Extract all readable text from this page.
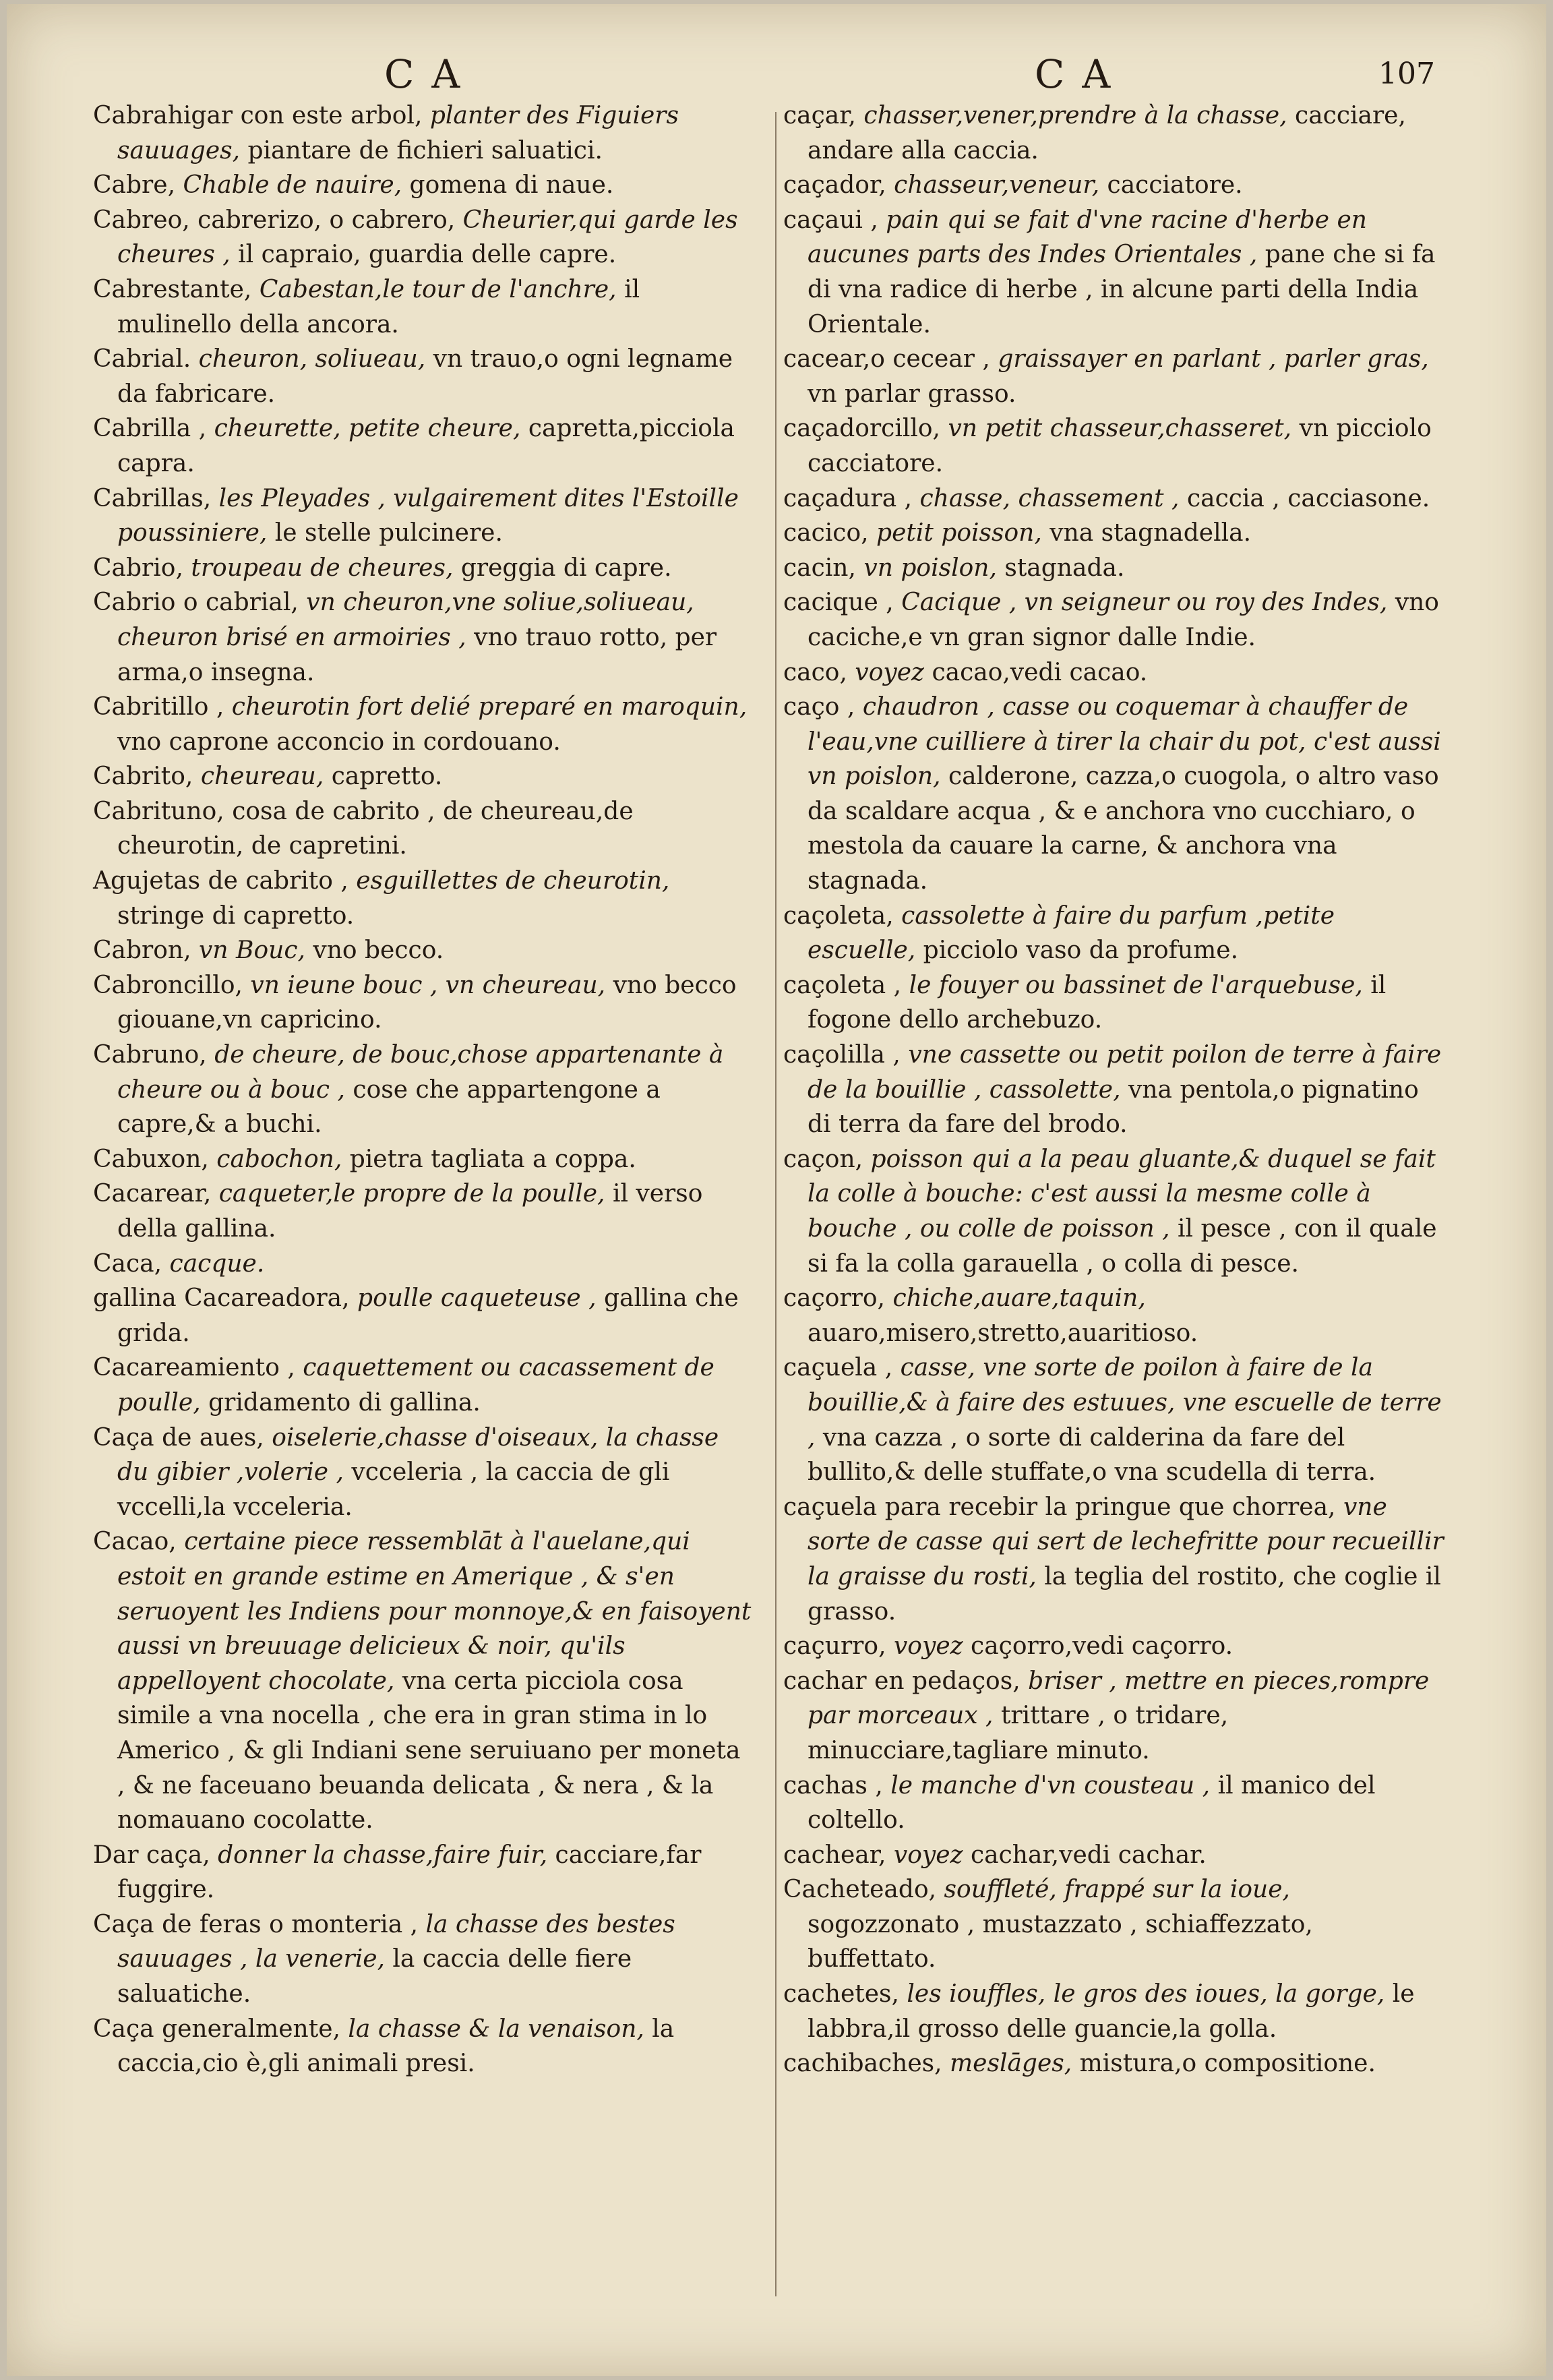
CA	CA	107

Cabrahigar con este arbol, planter des Figuiers sauuages, piantare de fichieri saluatici.

Cabre, Chable de nauire, gomena di naue.

Cabreo, cabrerizo, o cabrero, Cheurier,qui garde les cheures , il capraio, guardia delle capre.

Cabrestante, Cabestan,le tour de l'anchre, il mulinello della ancora.

Cabrial. cheuron, soliueau, vn trauo,o ogni legname da fabricare.

Cabrilla , cheurette, petite cheure, capretta,picciola capra.

Cabrillas, les Pleyades , vulgairement dites l'Estoille poussiniere, le stelle pulcinere.

Cabrio, troupeau de cheures, greggia di capre.

Cabrio o cabrial, vn cheuron,vne soliue,soliueau, cheuron brisé en armoiries , vno trauo rotto, per arma,o insegna.

Cabritillo , cheurotin fort delié preparé en maroquin, vno caprone acconcio in cordouano.

Cabrito, cheureau, capretto.

Cabrituno, cosa de cabrito , de cheureau,de cheurotin, de capretini.

Agujetas de cabrito , esguillettes de cheurotin, stringe di capretto.

Cabron, vn Bouc, vno becco.

Cabroncillo, vn ieune bouc , vn cheureau, vno becco giouane,vn capricino.

Cabruno, de cheure, de bouc,chose appartenante à cheure ou à bouc , cose che appartengone a capre,& a buchi.

Cabuxon, cabochon, pietra tagliata a coppa.

Cacarear, caqueter,le propre de la poulle, il verso della gallina.

Caca, cacque.

gallina Cacareadora, poulle caqueteuse , gallina che grida.

Cacareamiento , caquettement ou cacassement de poulle, gridamento di gallina.

Caça de aues, oiselerie,chasse d'oiseaux, la chasse du gibier ,volerie , vcceleria , la caccia de gli vccelli,la vcceleria.

Cacao, certaine piece ressemblāt à l'auelane,qui estoit en grande estime en Amerique , & s'en seruoyent les Indiens pour monnoye,& en faisoyent aussi vn breuuage delicieux & noir, qu'ils appelloyent chocolate, vna certa picciola cosa simile a vna nocella , che era in gran stima in lo Americo , & gli Indiani sene seruiuano per moneta , & ne faceuano beuanda delicata , & nera , & la nomauano cocolatte.

Dar caça, donner la chasse,faire fuir, cacciare,far fuggire.

Caça de feras o monteria , la chasse des bestes sauuages , la venerie, la caccia delle fiere saluatiche.

Caça generalmente, la chasse & la venaison, la caccia,cio è,gli animali presi.

caçar, chasser,vener,prendre à la chasse, cacciare, andare alla caccia.

caçador, chasseur,veneur, cacciatore.

caçaui , pain qui se fait d'vne racine d'herbe en aucunes parts des Indes Orientales , pane che si fa di vna radice di herbe , in alcune parti della India Orientale.

cacear,o cecear , graissayer en parlant , parler gras, vn parlar grasso.

caçadorcillo, vn petit chasseur,chasseret, vn picciolo cacciatore.

caçadura , chasse, chassement , caccia , cacciasone.

cacico, petit poisson, vna stagnadella.

cacin, vn poislon, stagnada.

cacique , Cacique , vn seigneur ou roy des Indes, vno caciche,e vn gran signor dalle Indie.

caco, voyez cacao,vedi cacao.

caço , chaudron , casse ou coquemar à chauffer de l'eau,vne cuilliere à tirer la chair du pot, c'est aussi vn poislon, calderone, cazza,o cuogola, o altro vaso da scaldare acqua , & e anchora vno cucchiaro, o mestola da cauare la carne, & anchora vna stagnada.

caçoleta, cassolette à faire du parfum ,petite escuelle, picciolo vaso da profume.

caçoleta , le fouyer ou bassinet de l'arquebuse, il fogone dello archebuzo.

caçolilla , vne cassette ou petit poilon de terre à faire de la bouillie , cassolette, vna pentola,o pignatino di terra da fare del brodo.

caçon, poisson qui a la peau gluante,& duquel se fait la colle à bouche: c'est aussi la mesme colle à bouche , ou colle de poisson , il pesce , con il quale si fa la colla garauella , o colla di pesce.

caçorro, chiche,auare,taquin, auaro,misero,stretto,auaritioso.

caçuela , casse, vne sorte de poilon à faire de la bouillie,& à faire des estuues, vne escuelle de terre , vna cazza , o sorte di calderina da fare del bullito,& delle stuffate,o vna scudella di terra.

caçuela para recebir la pringue que chorrea, vne sorte de casse qui sert de lechefritte pour recueillir la graisse du rosti, la teglia del rostito, che coglie il grasso.

caçurro, voyez caçorro,vedi caçorro.

cachar en pedaços, briser , mettre en pieces,rompre par morceaux , trittare , o tridare, minucciare,tagliare minuto.

cachas , le manche d'vn cousteau , il manico del coltello.

cachear, voyez cachar,vedi cachar.

Cacheteado, souffleté, frappé sur la ioue, sogozzonato , mustazzato , schiaffezzato, buffettato.

cachetes, les iouffles, le gros des ioues, la gorge, le labbra,il grosso delle guancie,la golla.

cachibaches, meslāges, mistura,o compositione.
